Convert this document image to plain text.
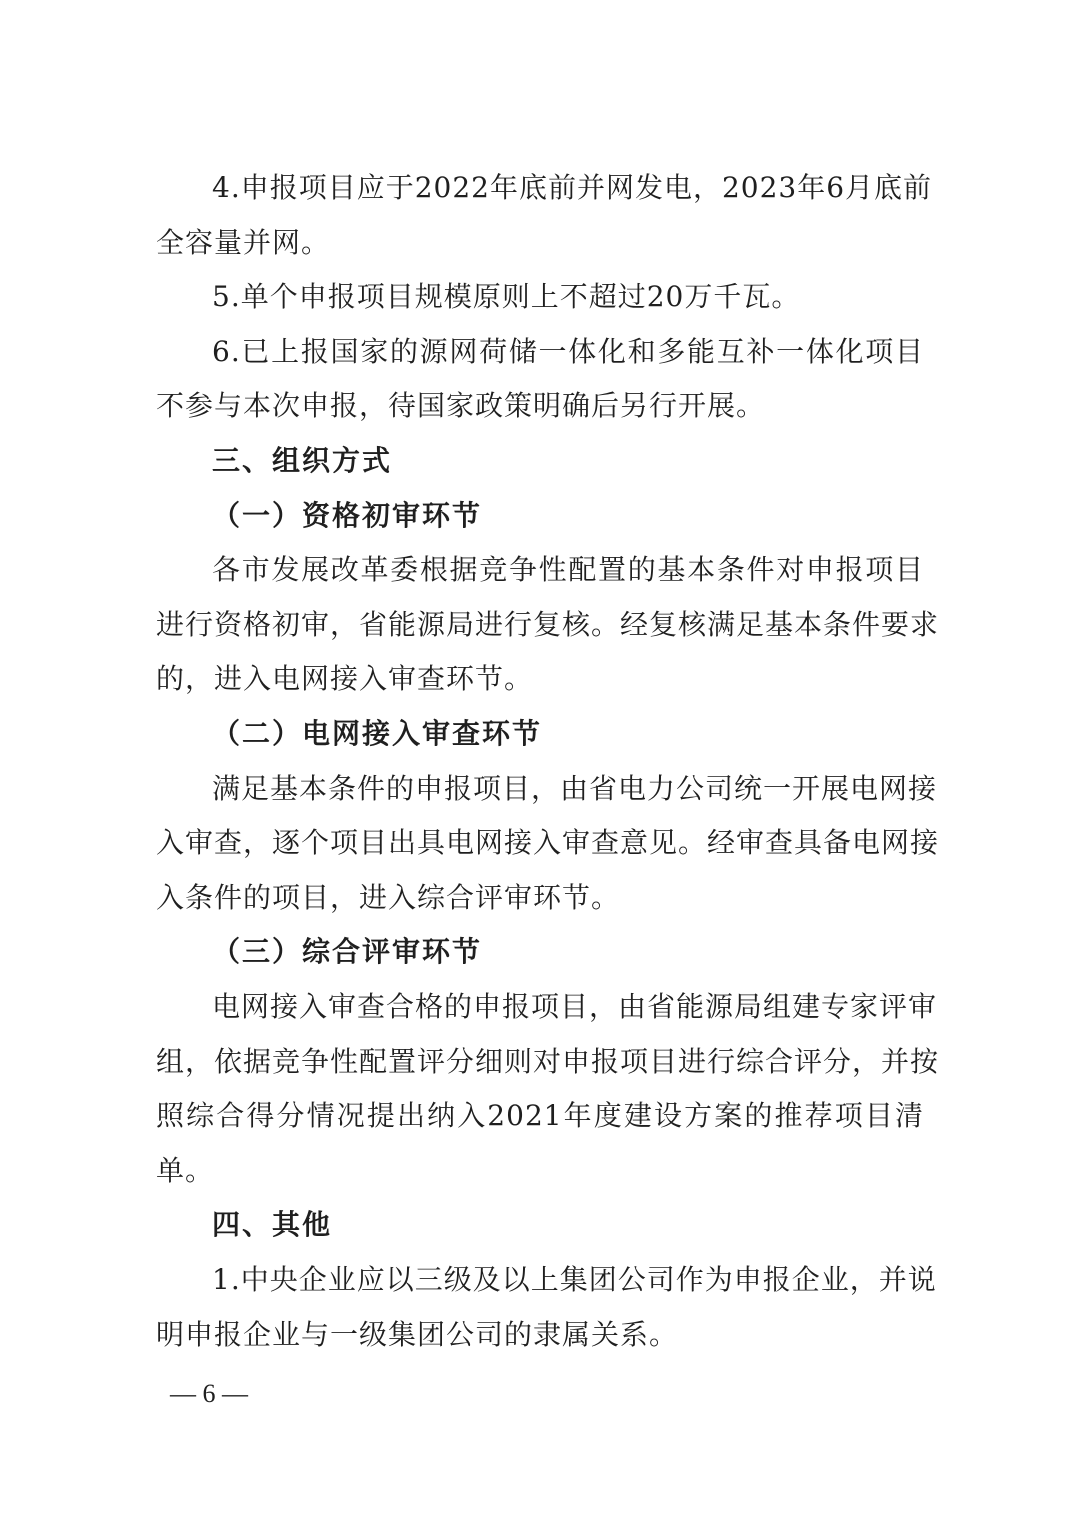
4.申报项目应于2022年底前并网发电，2023年6月底前
全容量并网。
5.单个申报项目规模原则上不超过20万千瓦。
6.已上报国家的源网荷储一体化和多能互补一体化项目
不参与本次申报，待国家政策明确后另行开展。
三、组织方式
（一）资格初审环节
各市发展改革委根据竞争性配置的基本条件对申报项目
进行资格初审，省能源局进行复核。经复核满足基本条件要求
的，进入电网接入审查环节。
（二）电网接入审查环节
满足基本条件的申报项目，由省电力公司统一开展电网接
入审查，逐个项目出具电网接入审查意见。经审查具备电网接
入条件的项目，进入综合评审环节。
（三）综合评审环节
电网接入审查合格的申报项目，由省能源局组建专家评审
组，依据竞争性配置评分细则对申报项目进行综合评分，并按
照综合得分情况提出纳入2021年度建设方案的推荐项目清
单。
四、其他
1.中央企业应以三级及以上集团公司作为申报企业，并说
明申报企业与一级集团公司的隶属关系。
— 6 —
